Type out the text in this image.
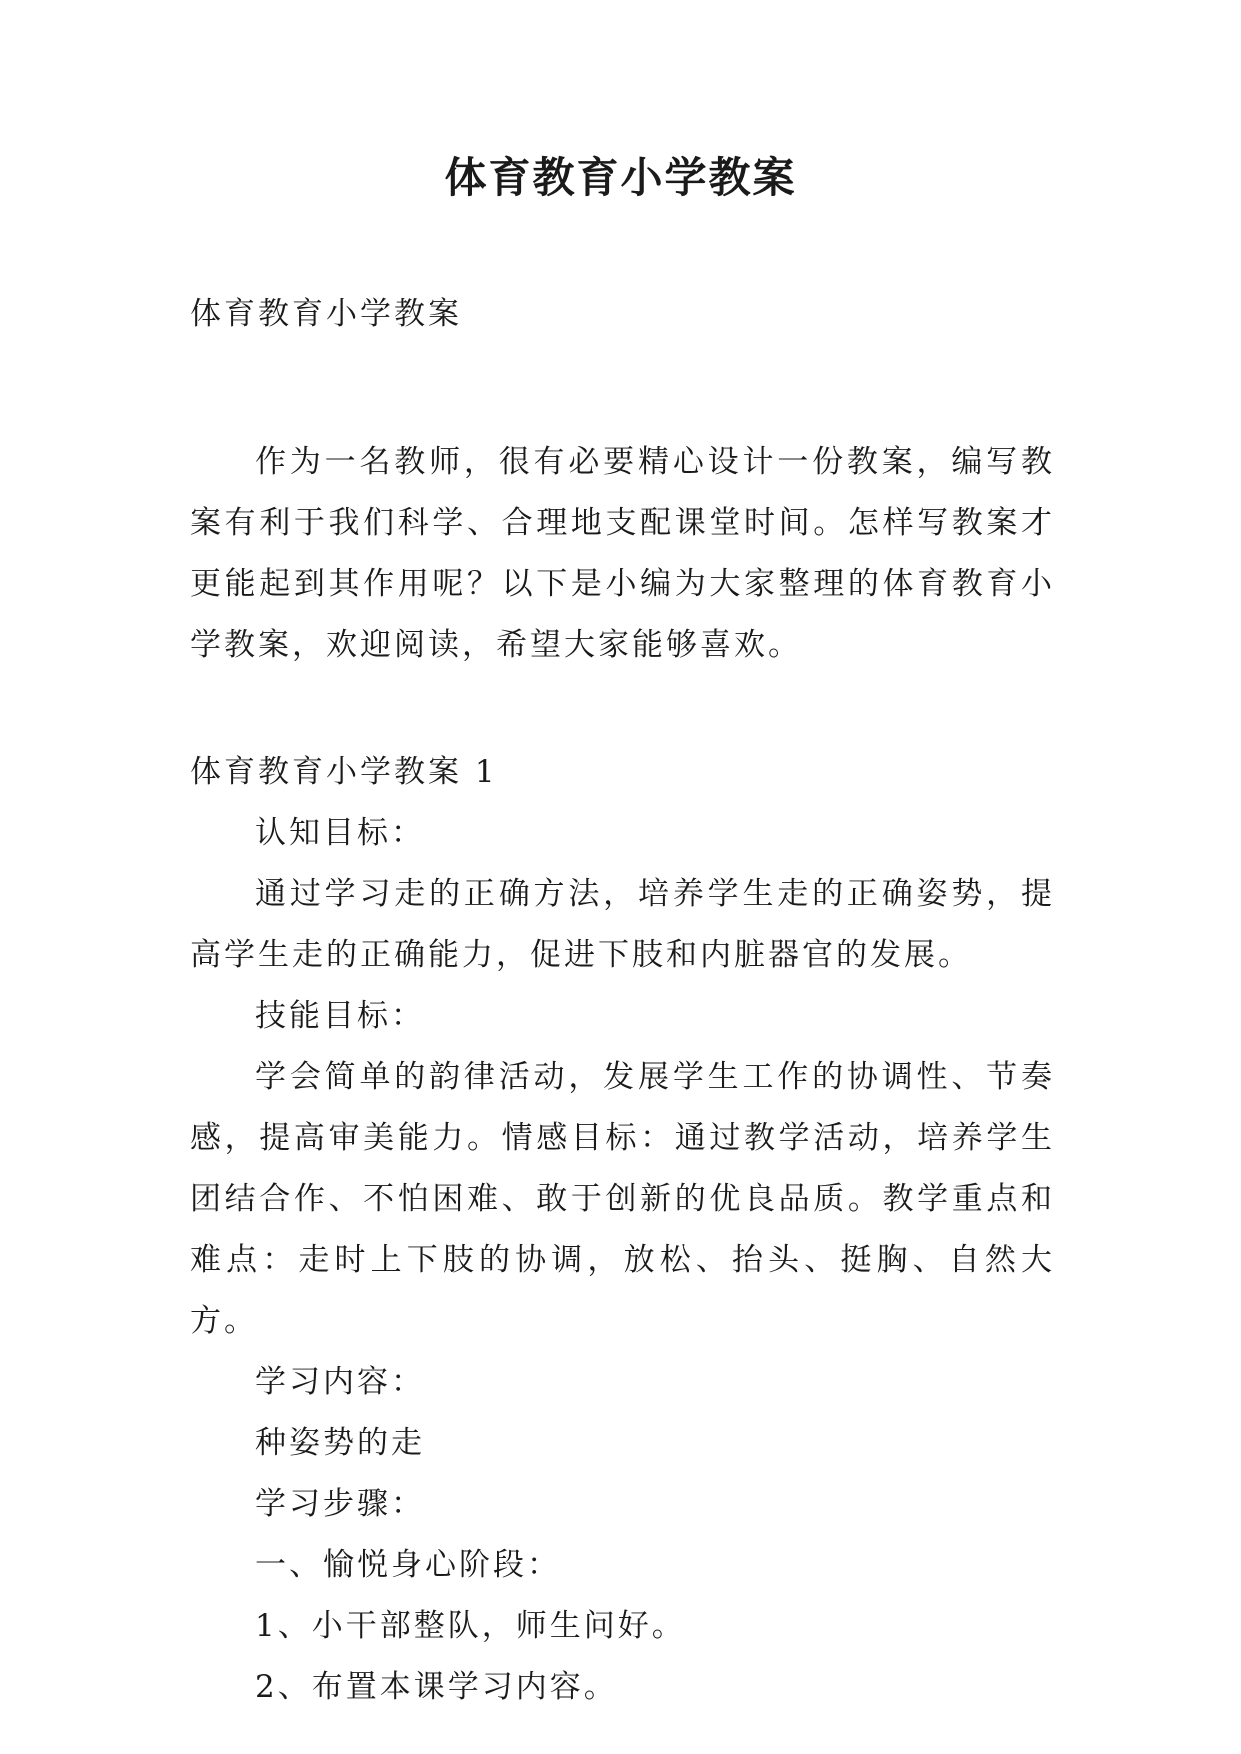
体育教育小学教案

体育教育小学教案

作为一名教师，很有必要精心设计一份教案，编写教案有利于我们科学、合理地支配课堂时间。怎样写教案才更能起到其作用呢？以下是小编为大家整理的体育教育小学教案，欢迎阅读，希望大家能够喜欢。

体育教育小学教案 1

认知目标：

通过学习走的正确方法，培养学生走的正确姿势，提高学生走的正确能力，促进下肢和内脏器官的发展。

技能目标：

学会简单的韵律活动，发展学生工作的协调性、节奏感，提高审美能力。情感目标：通过教学活动，培养学生团结合作、不怕困难、敢于创新的优良品质。教学重点和难点：走时上下肢的协调，放松、抬头、挺胸、自然大方。

学习内容：

种姿势的走

学习步骤：

一、愉悦身心阶段：

1、小干部整队，师生问好。

2、布置本课学习内容。
